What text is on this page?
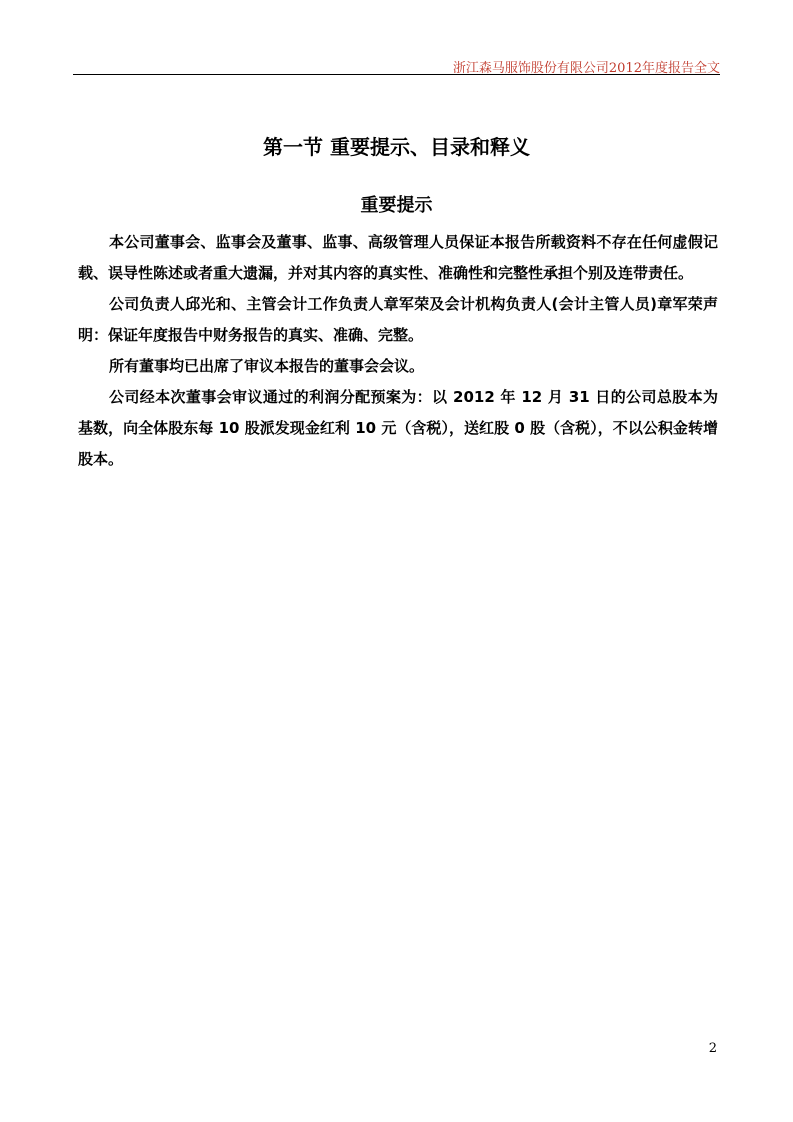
浙江森马服饰股份有限公司2012年度报告全文
第一节 重要提示、目录和释义
重要提示

本公司董事会、监事会及董事、监事、高级管理人员保证本报告所载资料不存在任何虚假记载、误导性陈述或者重大遗漏，并对其内容的真实性、准确性和完整性承担个别及连带责任。

公司负责人邱光和、主管会计工作负责人章军荣及会计机构负责人(会计主管人员)章军荣声明：保证年度报告中财务报告的真实、准确、完整。

所有董事均已出席了审议本报告的董事会会议。

公司经本次董事会审议通过的利润分配预案为：以 2012 年 12 月 31 日的公司总股本为基数，向全体股东每 10 股派发现金红利 10 元（含税），送红股 0 股（含税），不以公积金转增股本。

2
